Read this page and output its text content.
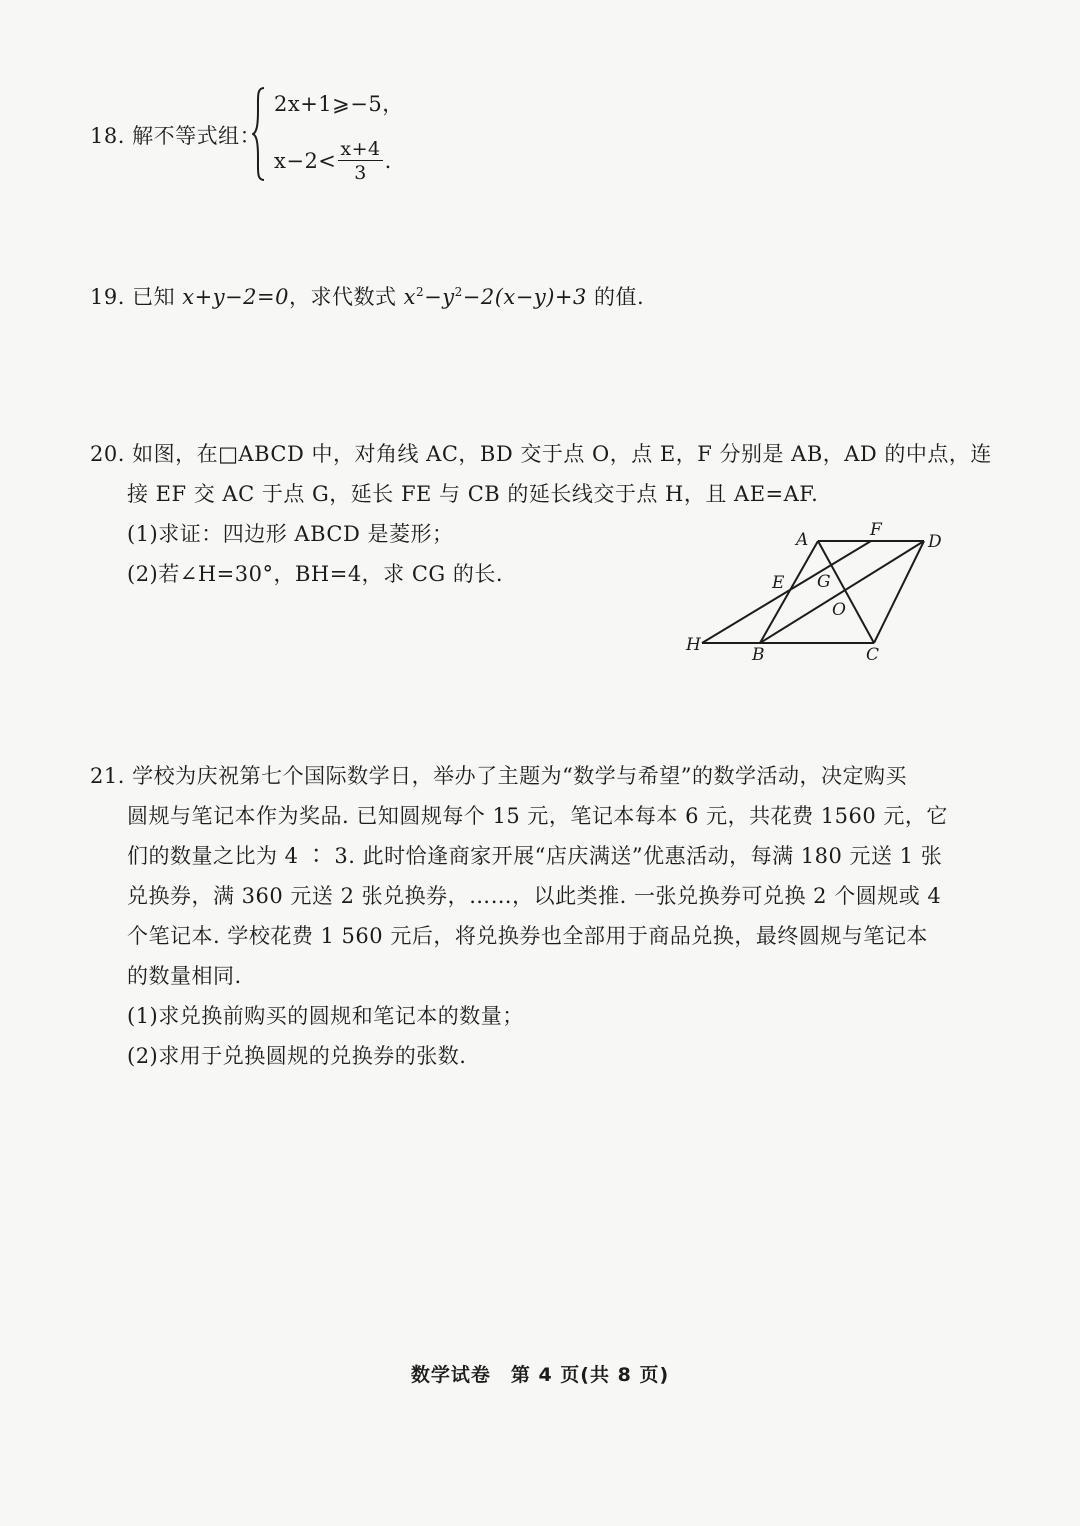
18. 解不等式组：
2x+1⩾−5，
$x-2< \frac{x+4}{3}$ .
19. 已知 x+y−2=0，求代数式 $x^2-y^2-2(x-y)+3$ 的值.
20. 如图，在□ABCD 中，对角线 AC，BD 交于点 O，点 E，F 分别是 AB，AD 的中点，连
接 EF 交 AC 于点 G，延长 FE 与 CB 的延长线交于点 H，且 AE=AF.
(1)求证：四边形 ABCD 是菱形；
(2)若∠H=30°，BH=4，求 CG 的长.
A	F
D
E G
O
H	B	C
21. 学校为庆祝第七个国际数学日，举办了主题为“数学与希望”的数学活动，决定购买
圆规与笔记本作为奖品. 已知圆规每个 15 元，笔记本每本 6 元，共花费 1560 元，它
们的数量之比为 4 ∶ 3. 此时恰逢商家开展“店庆满送”优惠活动，每满 180 元送 1 张
兑换券，满 360 元送 2 张兑换券，……，以此类推. 一张兑换券可兑换 2 个圆规或 4
个笔记本. 学校花费 1 560 元后，将兑换券也全部用于商品兑换，最终圆规与笔记本
的数量相同.
(1)求兑换前购买的圆规和笔记本的数量；
(2)求用于兑换圆规的兑换券的张数.
数学试卷　第 4 页(共 8 页)
